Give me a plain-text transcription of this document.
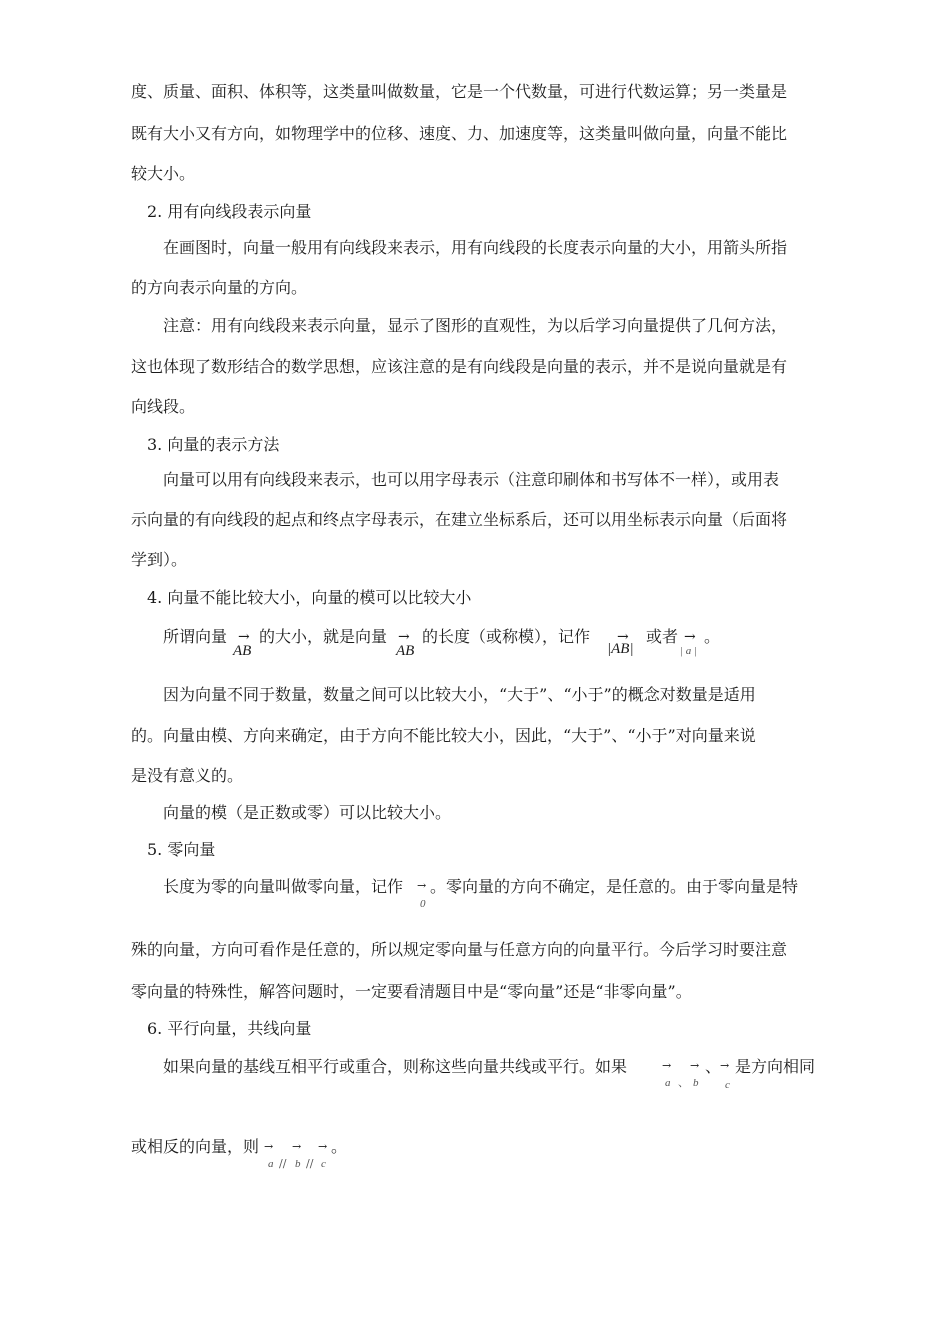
度、质量、面积、体积等，这类量叫做数量，它是一个代数量，可进行代数运算；另一类量是
既有大小又有方向，如物理学中的位移、速度、力、加速度等，这类量叫做向量，向量不能比
较大小。
2. 用有向线段表示向量
在画图时，向量一般用有向线段来表示，用有向线段的长度表示向量的大小，用箭头所指
的方向表示向量的方向。
注意：用有向线段来表示向量，显示了图形的直观性，为以后学习向量提供了几何方法，
这也体现了数形结合的数学思想，应该注意的是有向线段是向量的表示，并不是说向量就是有
向线段。
3. 向量的表示方法
向量可以用有向线段来表示，也可以用字母表示（注意印刷体和书写体不一样），或用表
示向量的有向线段的起点和终点字母表示，在建立坐标系后，还可以用坐标表示向量（后面将
学到）。
4. 向量不能比较大小，向量的模可以比较大小
所谓向量 →
AB
的大小，就是向量 →
AB
的长度（或称模），记作 →
|AB|
或者 →
| a |
。
因为向量不同于数量，数量之间可以比较大小，“大于”、“小于”的概念对数量是适用
的。向量由模、方向来确定，由于方向不能比较大小，因此，“大于”、“小于”对向量来说
是没有意义的。
向量的模（是正数或零）可以比较大小。
5. 零向量
长度为零的向量叫做零向量，记作 →
0
。零向量的方向不确定，是任意的。由于零向量是特
殊的向量，方向可看作是任意的，所以规定零向量与任意方向的向量平行。今后学习时要注意
零向量的特殊性，解答问题时，一定要看清题目中是“零向量”还是“非零向量”。
6. 平行向量，共线向量
如果向量的基线互相平行或重合，则称这些向量共线或平行。如果	→
a 、
→
b
、
→
c
是方向相同
或相反的向量，则 →
a //
→
b //
→
c
。
